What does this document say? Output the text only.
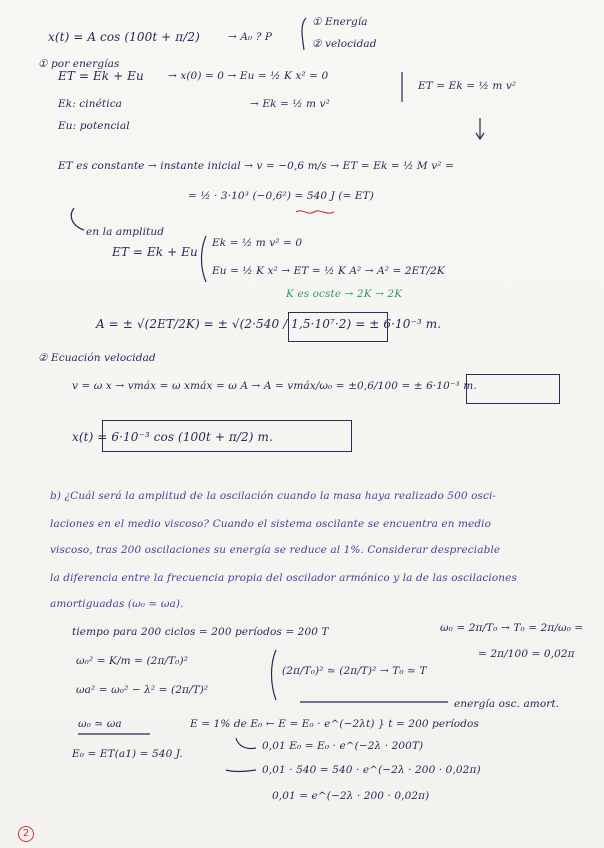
x(t) = A cos (100t + π/2)	→ A₀ ? P
① Energía
② velocidad
① por energías
ET = Ek + Eu → x(0) = 0 → Eu = ½ K x² = 0
ET = Ek = ½ m v²
Ek: cinética	→ Ek = ½ m v²
Eu: potencial
ET es constante → instante inicial → v = −0,6 m/s → ET = Ek = ½ M v² =
= ½ · 3·10³ (−0,6²) = 540 J (= ET)
en la amplitud
ET = Ek + Eu
Ek = ½ m v² = 0
Eu = ½ K x² → ET = ½ K A² → A² = 2ET/2K
K es ocste → 2K → 2K
A = ± √(2ET/2K) = ± √(2·540 / 1,5·10⁷·2) = ± 6·10⁻³ m.
② Ecuación velocidad
v = ω x → vmáx = ω xmáx = ω A → A = vmáx/ω₀ = ±0,6/100 = ± 6·10⁻³ m.
x(t) = 6·10⁻³ cos (100t + π/2) m.
b) ¿Cuál será la amplitud de la oscilación cuando la masa haya realizado 500 osci-
laciones en el medio viscoso? Cuando el sistema oscilante se encuentra en medio
viscoso, tras 200 oscilaciones su energía se reduce al 1%. Considerar despreciable
la diferencia entre la frecuencia propia del oscilador armónico y la de las oscilaciones
amortiguadas (ω₀ ≃ ωa).
tiempo para 200 ciclos = 200 períodos = 200 T	ω₀ = 2π/T₀ → T₀ = 2π/ω₀ =
= 2π/100 = 0,02π
ω₀² = K/m = (2π/T₀)²
(2π/T₀)² ≃ (2π/T)² → T₀ ≃ T
ωa² = ω₀² − λ² = (2π/T)²
energía osc. amort.
ω₀ ≃ ωa	E = 1% de E₀ ← E = E₀ · e^(−2λt) } t = 200 períodos
E₀ = ET(a1) = 540 J.
0,01 E₀ = E₀ · e^(−2λ · 200T)
0,01 · 540 = 540 · e^(−2λ · 200 · 0,02π)
0,01 = e^(−2λ · 200 · 0,02π)
2
